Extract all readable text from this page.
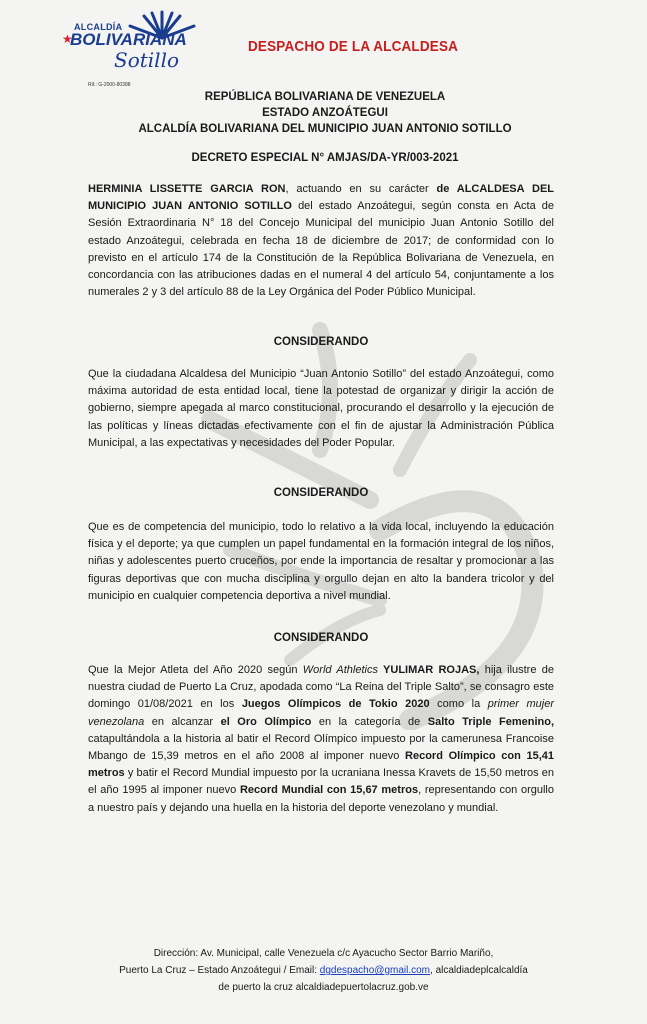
ALCALDÍA
★
BOLIVARIANA
Sotillo
Rif.: G-2000-80388
DESPACHO DE LA ALCALDESA
REPÚBLICA BOLIVARIANA DE VENEZUELA
ESTADO ANZOÁTEGUI
ALCALDÍA BOLIVARIANA DEL MUNICIPIO JUAN ANTONIO SOTILLO
DECRETO ESPECIAL N° AMJAS/DA-YR/003-2021
HERMINIA LISSETTE GARCIA RON, actuando en su carácter de ALCALDESA DEL MUNICIPIO JUAN ANTONIO SOTILLO del estado Anzoátegui, según consta en Acta de Sesión Extraordinaria N° 18 del Concejo Municipal del municipio Juan Antonio Sotillo del estado Anzoátegui, celebrada en fecha 18 de diciembre de 2017; de conformidad con lo previsto en el artículo 174 de la Constitución de la República Bolivariana de Venezuela, en concordancia con las atribuciones dadas en el numeral 4 del artículo 54, conjuntamente a los numerales 2 y 3 del artículo 88 de la Ley Orgánica del Poder Público Municipal.
CONSIDERANDO
Que la ciudadana Alcaldesa del Municipio “Juan Antonio Sotillo” del estado Anzoátegui, como máxima autoridad de esta entidad local, tiene la potestad de organizar y dirigir la acción de gobierno, siempre apegada al marco constitucional, procurando el desarrollo y la ejecución de las políticas y líneas dictadas efectivamente con el fin de ajustar la Administración Pública Municipal, a las expectativas y necesidades del Poder Popular.
CONSIDERANDO
Que es de competencia del municipio, todo lo relativo a la vida local, incluyendo la educación física y el deporte; ya que cumplen un papel fundamental en la formación integral de los niños, niñas y adolescentes puerto cruceños, por ende la importancia de resaltar y promocionar a las figuras deportivas que con mucha disciplina y orgullo dejan en alto la bandera tricolor y del municipio en cualquier competencia deportiva a nivel mundial.
CONSIDERANDO
Que la Mejor Atleta del Año 2020 según World Athletics YULIMAR ROJAS, hija ilustre de nuestra ciudad de Puerto La Cruz, apodada como “La Reina del Triple Salto”, se consagro este domingo 01/08/2021 en los Juegos Olímpicos de Tokio 2020 como la primer mujer venezolana en alcanzar el Oro Olímpico en la categoría de Salto Triple Femenino, catapultándola a la historia al batir el Record Olímpico impuesto por la camerunesa Francoise Mbango de 15,39 metros en el año 2008 al imponer nuevo Record Olímpico con 15,41 metros y batir el Record Mundial impuesto por la ucraniana Inessa Kravets de 15,50 metros en el año 1995 al imponer nuevo Record Mundial con 15,67 metros, representando con orgullo a nuestro país y dejando una huella en la historia del deporte venezolano y mundial.
Dirección: Av. Municipal, calle Venezuela c/c Ayacucho Sector Barrio Mariño,
Puerto La Cruz – Estado Anzoátegui / Email: dgdespacho@gmail.com, alcaldiadeplcalcaldía
de puerto la cruz alcaldiadepuertolacruz.gob.ve
